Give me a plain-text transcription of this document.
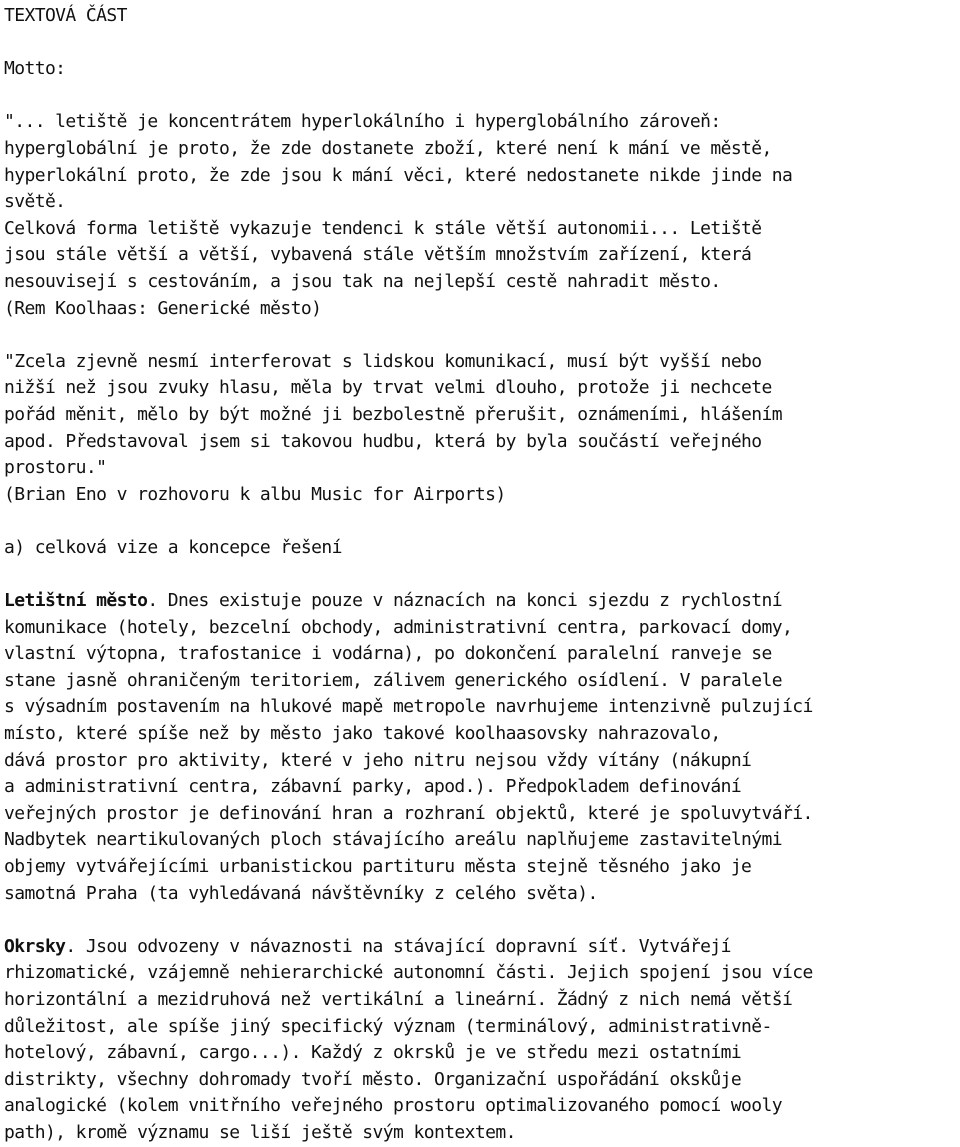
TEXTOVÁ ČÁST
Motto:
"... letiště je koncentrátem hyperlokálního i hyperglobálního zároveň:
hyperglobální je proto, že zde dostanete zboží, které není k mání ve městě,
hyperlokální proto, že zde jsou k mání věci, které nedostanete nikde jinde na
světě.
Celková forma letiště vykazuje tendenci k stále větší autonomii... Letiště
jsou stále větší a větší, vybavená stále větším množstvím zařízení, která
nesouvisejí s cestováním, a jsou tak na nejlepší cestě nahradit město.
(Rem Koolhaas: Generické město)
"Zcela zjevně nesmí interferovat s lidskou komunikací, musí být vyšší nebo
nižší než jsou zvuky hlasu, měla by trvat velmi dlouho, protože ji nechcete
pořád měnit, mělo by být možné ji bezbolestně přerušit, oznámeními, hlášením
apod. Představoval jsem si takovou hudbu, která by byla součástí veřejného
prostoru."
(Brian Eno v rozhovoru k albu Music for Airports)
a) celková vize a koncepce řešení
Letištní město. Dnes existuje pouze v náznacích na konci sjezdu z rychlostní
komunikace (hotely, bezcelní obchody, administrativní centra, parkovací domy,
vlastní výtopna, trafostanice i vodárna), po dokončení paralelní ranveje se
stane jasně ohraničeným teritoriem, zálivem generického osídlení. V paralele
s výsadním postavením na hlukové mapě metropole navrhujeme intenzivně pulzující
místo, které spíše než by město jako takové koolhaasovsky nahrazovalo,
dává prostor pro aktivity, které v jeho nitru nejsou vždy vítány (nákupní
a administrativní centra, zábavní parky, apod.). Předpokladem definování
veřejných prostor je definování hran a rozhraní objektů, které je spoluvytváří.
Nadbytek neartikulovaných ploch stávajícího areálu naplňujeme zastavitelnými
objemy vytvářejícími urbanistickou partituru města stejně těsného jako je
samotná Praha (ta vyhledávaná návštěvníky z celého světa).
Okrsky. Jsou odvozeny v návaznosti na stávající dopravní síť. Vytvářejí
rhizomatické, vzájemně nehierarchické autonomní části. Jejich spojení jsou více
horizontální a mezidruhová než vertikální a lineární. Žádný z nich nemá větší
důležitost, ale spíše jiný specifický význam (terminálový, administrativně-
hotelový, zábavní, cargo...). Každý z okrsků je ve středu mezi ostatními
distrikty, všechny dohromady tvoří město. Organizační uspořádání okskůje
analogické (kolem vnitřního veřejného prostoru optimalizovaného pomocí wooly
path), kromě významu se liší ještě svým kontextem.
